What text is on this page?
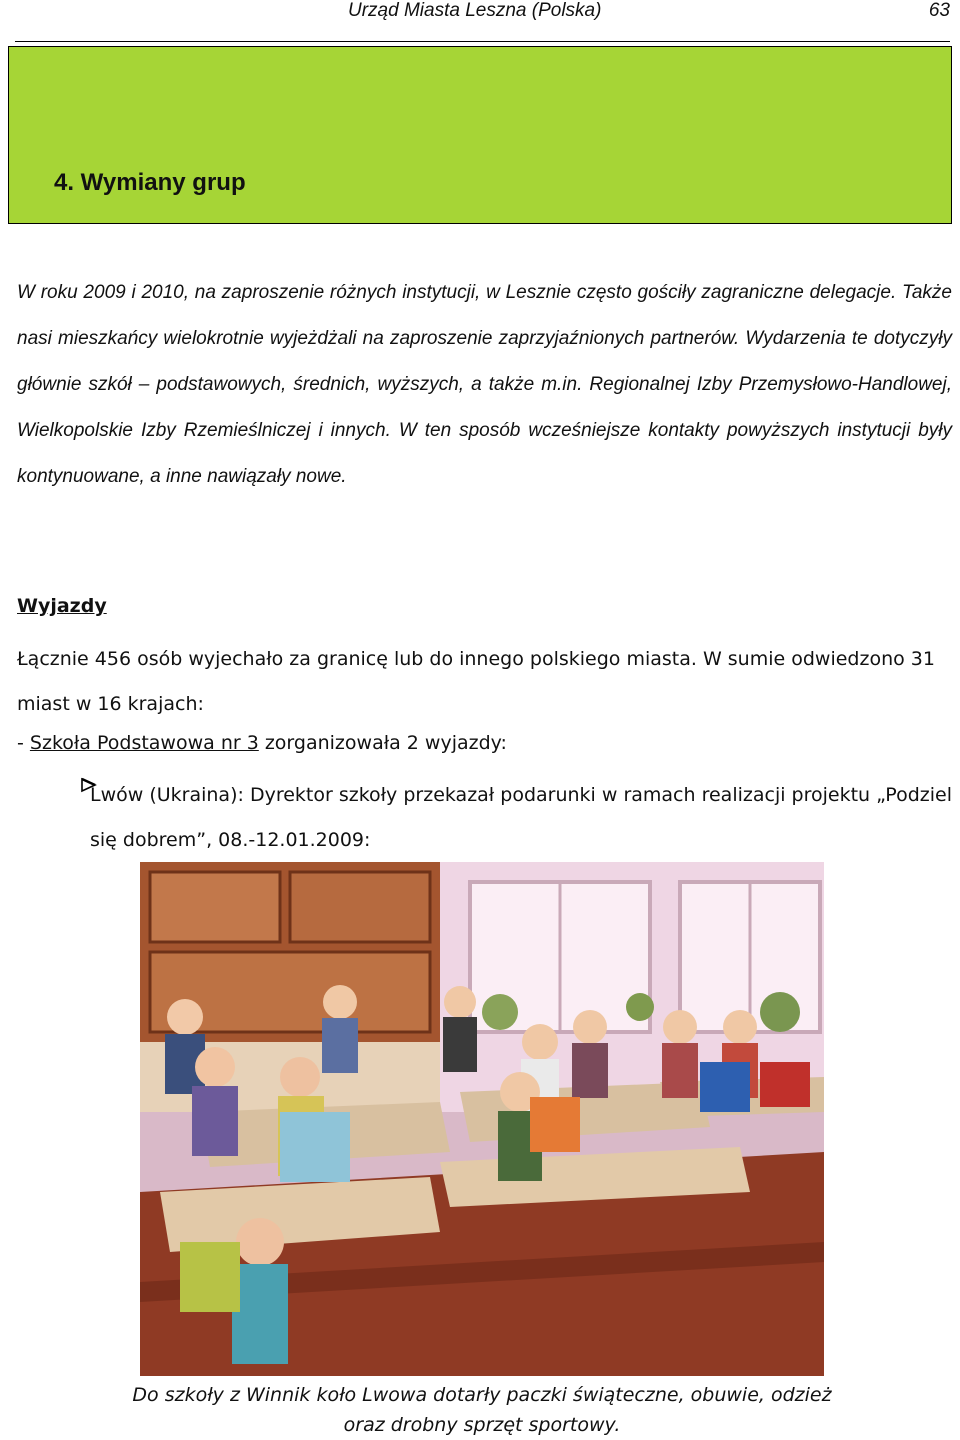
Urząd Miasta Leszna (Polska)	63
4. Wymiany grup

W roku 2009 i 2010, na zaproszenie różnych instytucji, w Lesznie często gościły zagraniczne delegacje. Także nasi mieszkańcy wielokrotnie wyjeżdżali na zaproszenie zaprzyjaźnionych partnerów. Wydarzenia te dotyczyły głównie szkół – podstawowych, średnich, wyższych, a także m.in. Regionalnej Izby Przemysłowo-Handlowej, Wielkopolskie Izby Rzemieślniczej i innych. W ten sposób wcześniejsze kontakty powyższych instytucji były kontynuowane, a inne nawiązały nowe.

Wyjazdy

Łącznie 456 osób wyjechało za granicę lub do innego polskiego miasta. W sumie odwiedzono 31 miast w 16 krajach:

- Szkoła Podstawowa nr 3 zorganizowała 2 wyjazdy:

Lwów (Ukraina): Dyrektor szkoły przekazał podarunki w ramach realizacji projektu „Podziel się dobrem”, 08.-12.01.2009:

Do szkoły z Winnik koło Lwowa dotarły paczki świąteczne, obuwie, odzież oraz drobny sprzęt sportowy.
